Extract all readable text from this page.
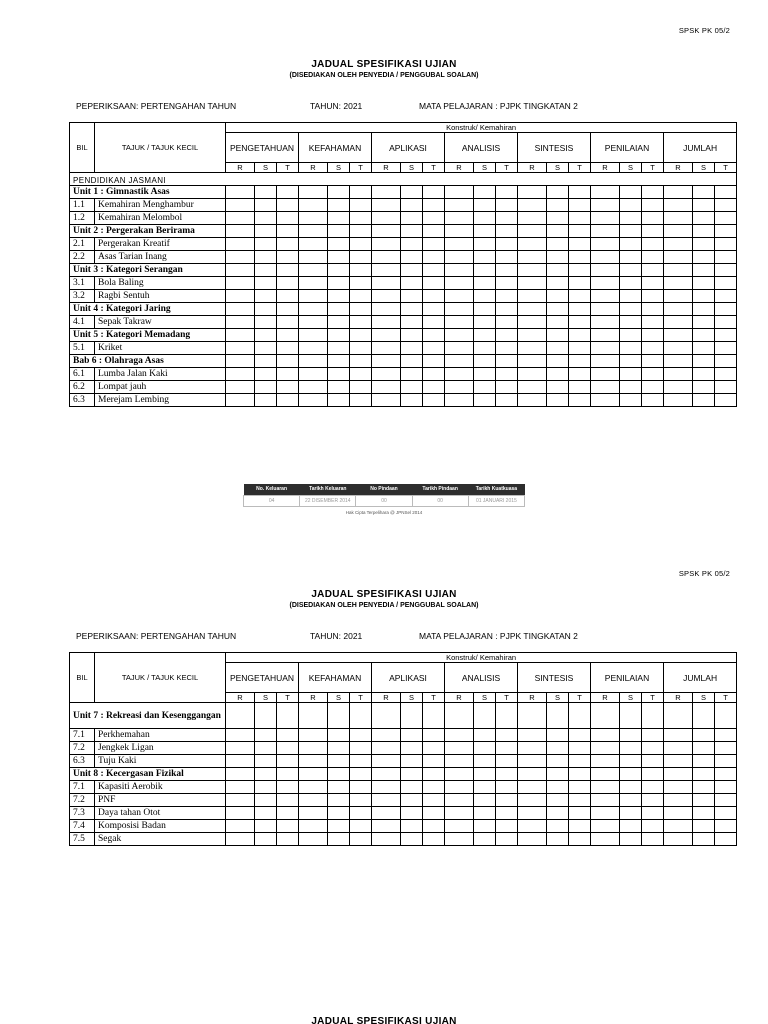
SPSK PK 05/2
JADUAL SPESIFIKASI UJIAN
(DISEDIAKAN OLEH PENYEDIA / PENGGUBAL SOALAN)
PEPERIKSAAN: PERTENGAHAN TAHUN	TAHUN: 2021	MATA PELAJARAN : PJPK TINGKATAN 2
BIL	TAJUK / TAJUK KECIL	Konstruk/ Kemahiran																				
		PENGETAHUAN			KEFAHAMAN			APLIKASI			ANALISIS			SINTESIS			PENILAIAN			JUMLAH		
		R	S	T	R	S	T	R	S	T	R	S	T	R	S	T	R	S	T	R	S	T
PENDIDIKAN JASMANI																						
Unit 1 : Gimnastik Asas																						
1.1	Kemahiran Menghambur																					
1.2	Kemahiran Melombol																					
Unit 2 : Pergerakan Berirama																						
2.1	Pergerakan Kreatif																					
2.2	Asas Tarian Inang																					
Unit 3 : Kategori Serangan																						
3.1	Bola Baling																					
3.2	Ragbi Sentuh																					
Unit 4 : Kategori Jaring																						
4.1	Sepak Takraw																					
Unit 5 : Kategori Memadang																						
5.1	Kriket																					
Bab 6 : Olahraga Asas																						
6.1	Lumba Jalan Kaki																					
6.2	Lompat jauh																					
6.3	Merejam Lembing																					
No. Keluaran	Tarikh Keluaran	No Pindaan	Tarikh Pindaan	Tarikh Kuatkuasa
04	22 DISEMBER 2014	00	00	01 JANUARI 2015
Hak Cipta Terpelihara @ JPNSel 2014
SPSK PK 05/2
JADUAL SPESIFIKASI UJIAN
(DISEDIAKAN OLEH PENYEDIA / PENGGUBAL SOALAN)
PEPERIKSAAN: PERTENGAHAN TAHUN	TAHUN: 2021	MATA PELAJARAN : PJPK TINGKATAN 2
BIL	TAJUK / TAJUK KECIL	Konstruk/ Kemahiran																				
		PENGETAHUAN			KEFAHAMAN			APLIKASI			ANALISIS			SINTESIS			PENILAIAN			JUMLAH		
		R	S	T	R	S	T	R	S	T	R	S	T	R	S	T	R	S	T	R	S	T
Unit 7 : Rekreasi dan Kesenggangan																						
7.1	Perkhemahan																					
7.2	Jengkek Ligan																					
6.3	Tuju Kaki																					
Unit 8 : Kecergasan Fizikal																						
7.1	Kapasiti Aerobik																					
7.2	PNF																					
7.3	Daya tahan Otot																					
7.4	Komposisi Badan																					
7.5	Segak																					
JADUAL SPESIFIKASI UJIAN
